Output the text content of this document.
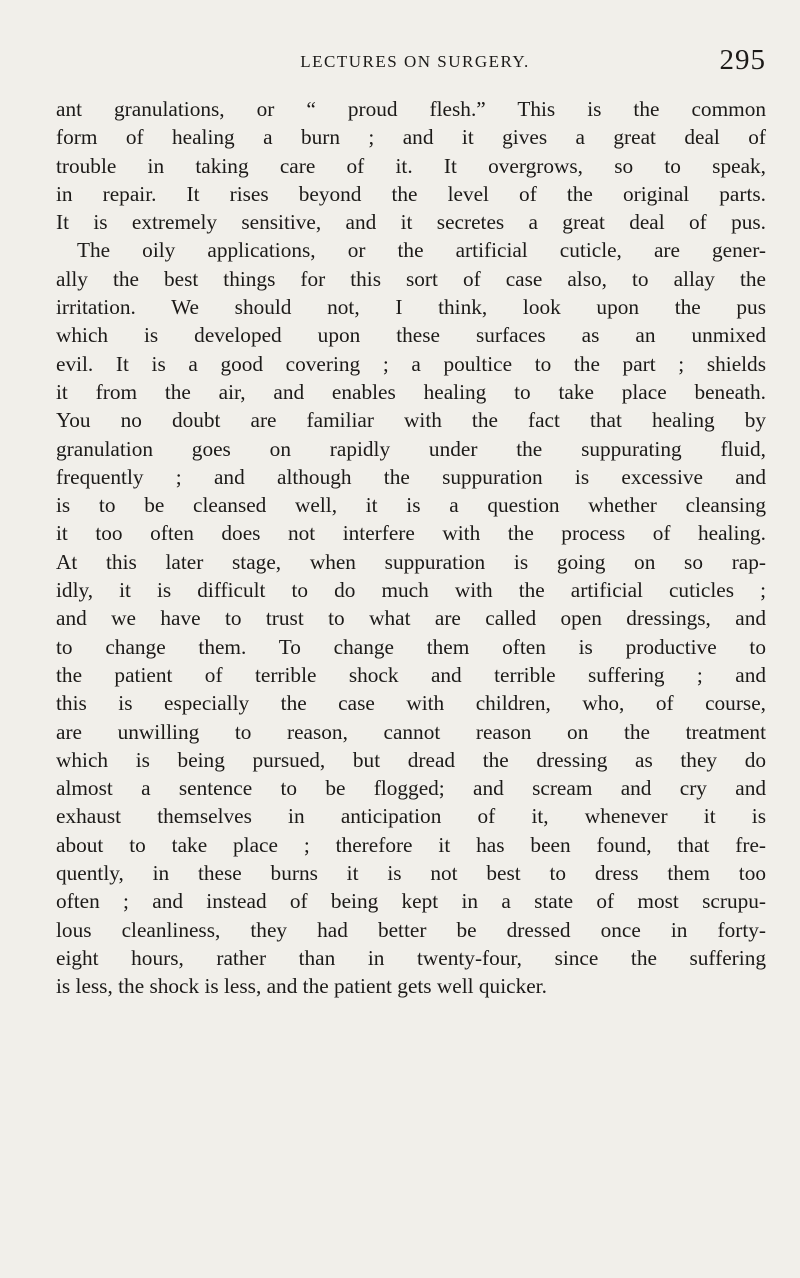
LECTURES ON SURGERY.	295
ant granulations, or “ proud flesh.” This is the common
form of healing a burn ; and it gives a great deal of
trouble in taking care of it. It overgrows, so to speak,
in repair. It rises beyond the level of the original parts.
It is extremely sensitive, and it secretes a great deal of pus.
The oily applications, or the artificial cuticle, are gener-
ally the best things for this sort of case also, to allay the
irritation. We should not, I think, look upon the pus
which is developed upon these surfaces as an unmixed
evil. It is a good covering ; a poultice to the part ; shields
it from the air, and enables healing to take place beneath.
You no doubt are familiar with the fact that healing by
granulation goes on rapidly under the suppurating fluid,
frequently ; and although the suppuration is excessive and
is to be cleansed well, it is a question whether cleansing
it too often does not interfere with the process of healing.
At this later stage, when suppuration is going on so rap-
idly, it is difficult to do much with the artificial cuticles ;
and we have to trust to what are called open dressings, and
to change them. To change them often is productive to
the patient of terrible shock and terrible suffering ; and
this is especially the case with children, who, of course,
are unwilling to reason, cannot reason on the treatment
which is being pursued, but dread the dressing as they do
almost a sentence to be flogged; and scream and cry and
exhaust themselves in anticipation of it, whenever it is
about to take place ; therefore it has been found, that fre-
quently, in these burns it is not best to dress them too
often ; and instead of being kept in a state of most scrupu-
lous cleanliness, they had better be dressed once in forty-
eight hours, rather than in twenty-four, since the suffering
is less, the shock is less, and the patient gets well quicker.
